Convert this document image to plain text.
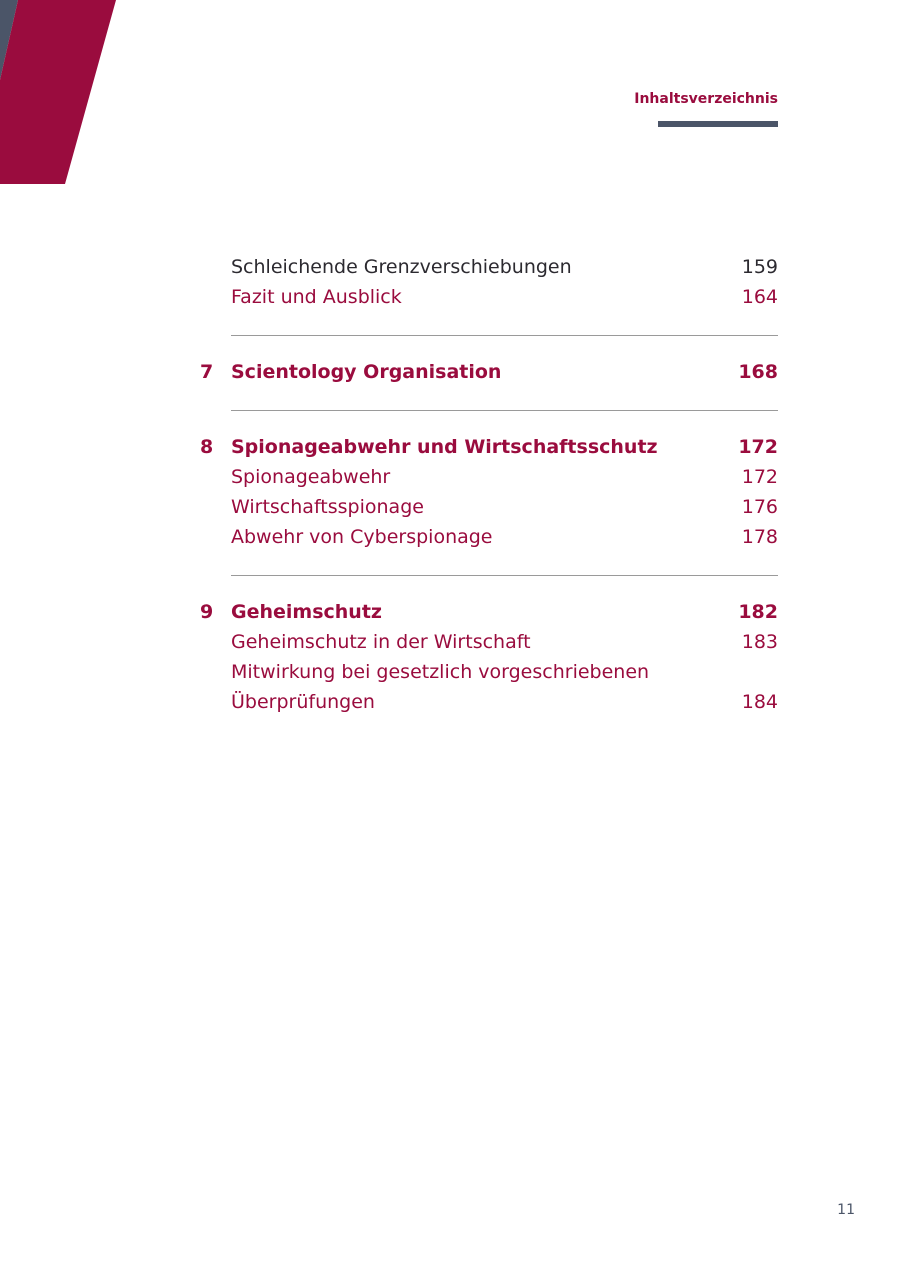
Inhaltsverzeichnis
Schleichende Grenzverschiebungen	159
Fazit und Ausblick	164
7 Scientology Organisation	168
8 Spionageabwehr und Wirtschaftsschutz	172
Spionageabwehr	172
Wirtschaftsspionage	176
Abwehr von Cyberspionage	178
9 Geheimschutz	182
Geheimschutz in der Wirtschaft	183
Mitwirkung bei gesetzlich vorgeschriebenen
Überprüfungen	184
11
